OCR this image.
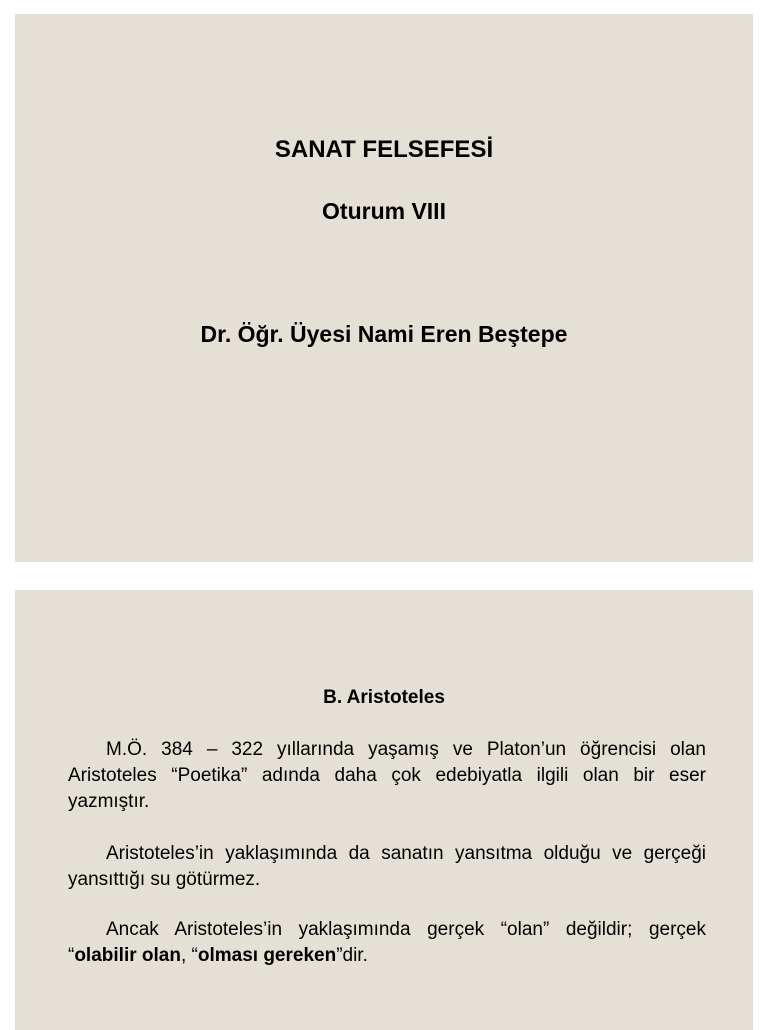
SANAT FELSEFESİ
Oturum VIII
Dr. Öğr. Üyesi Nami Eren Beştepe
B. Aristoteles
M.Ö. 384 – 322 yıllarında yaşamış ve Platon’un öğrencisi olan Aristoteles “Poetika” adında daha çok edebiyatla ilgili olan bir eser yazmıştır.
Aristoteles’in yaklaşımında da sanatın yansıtma olduğu ve gerçeği yansıttığı su götürmez.
Ancak Aristoteles’in yaklaşımında gerçek “olan” değildir; gerçek “olabilir olan, “olması gereken”dir.
